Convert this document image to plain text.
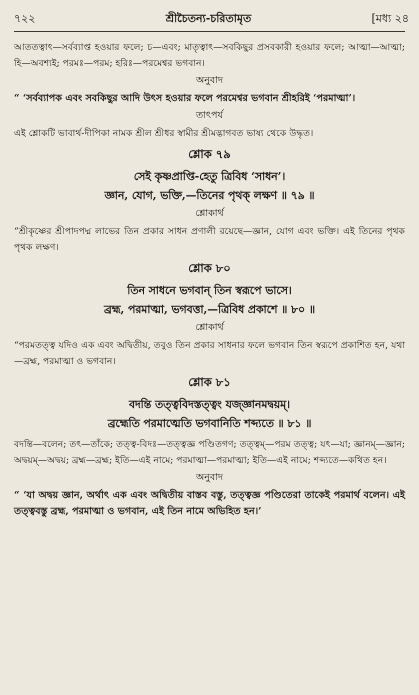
৭২২	শ্রীচৈতন্য-চরিতামৃত	[মধ্য ২৪

আততত্বাৎ—সর্বব্যাপ্ত হওয়ার ফলে; চ—এবং; মাতৃত্বাৎ—সবকিছুর প্রসবকারী হওয়ার ফলে; আত্মা—আত্মা; হি—অবশ্যই; পরমঃ—পরম; হরিঃ—পরমেশ্বর ভগবান।

অনুবাদ

“ ‘সর্বব্যাপক এবং সবকিছুর আদি উৎস হওয়ার ফলে পরমেশ্বর ভগবান শ্রীহরিই ‘পরমাত্মা’।

তাৎপর্য

এই শ্লোকটি ভাবার্থ-দীপিকা নামক শ্রীল শ্রীধর স্বামীর শ্রীমদ্ভাগবত ভাষ্য থেকে উদ্ধৃত।

শ্লোক ৭৯
সেই কৃষ্ণপ্রাপ্তি-হেতু ত্রিবিধ ‘সাধন’।
জ্ঞান, যোগ, ভক্তি,—তিনের পৃথক্ লক্ষণ ॥ ৭৯ ॥
শ্লোকার্থ

“শ্রীকৃষ্ণের শ্রীপাদপদ্ম লাভের তিন প্রকার সাধন প্রণালী রয়েছে—জ্ঞান, যোগ এবং ভক্তি। এই তিনের পৃথক পৃথক লক্ষণ।

শ্লোক ৮০
তিন সাধনে ভগবান্ তিন স্বরূপে ভাসে।
ব্রহ্ম, পরমাত্মা, ভগবত্তা,—ত্রিবিধ প্রকাশে ॥ ৮০ ॥
শ্লোকার্থ

“পরমতত্ত্ব যদিও এক এবং অদ্বিতীয়, তবুও তিন প্রকার সাধনার ফলে ভগবান তিন স্বরূপে প্রকাশিত হন, যথা—ব্রহ্ম, পরমাত্মা ও ভগবান।

শ্লোক ৮১
বদন্তি তত্ত্ববিদস্তত্ত্বং যজ্জ্ঞানমদ্বয়ম্।
ব্রহ্মেতি পরমাত্মেতি ভগবানিতি শব্দ্যতে ॥ ৮১ ॥

বদন্তি—বলেন; তৎ—তাঁকে; তত্ত্ব-বিদঃ—তত্ত্বজ্ঞ পণ্ডিতগণ; তত্ত্বম্—পরম তত্ত্ব; যৎ—যা; জ্ঞানম্—জ্ঞান; অদ্বয়ম্—অদ্বয়; ব্রহ্ম—ব্রহ্ম; ইতি—এই নামে; পরমাত্মা—পরমাত্মা; ইতি—এই নামে; শব্দ্যতে—কথিত হন।

অনুবাদ

“ ‘যা অদ্বয় জ্ঞান, অর্থাৎ এক এবং অদ্বিতীয় বাস্তব বস্তু, তত্ত্বজ্ঞ পণ্ডিতেরা তাকেই পরমার্থ বলেন। এই তত্ত্ববস্তু ব্রহ্ম, পরমাত্মা ও ভগবান, এই তিন নামে অভিহিত হন।’
